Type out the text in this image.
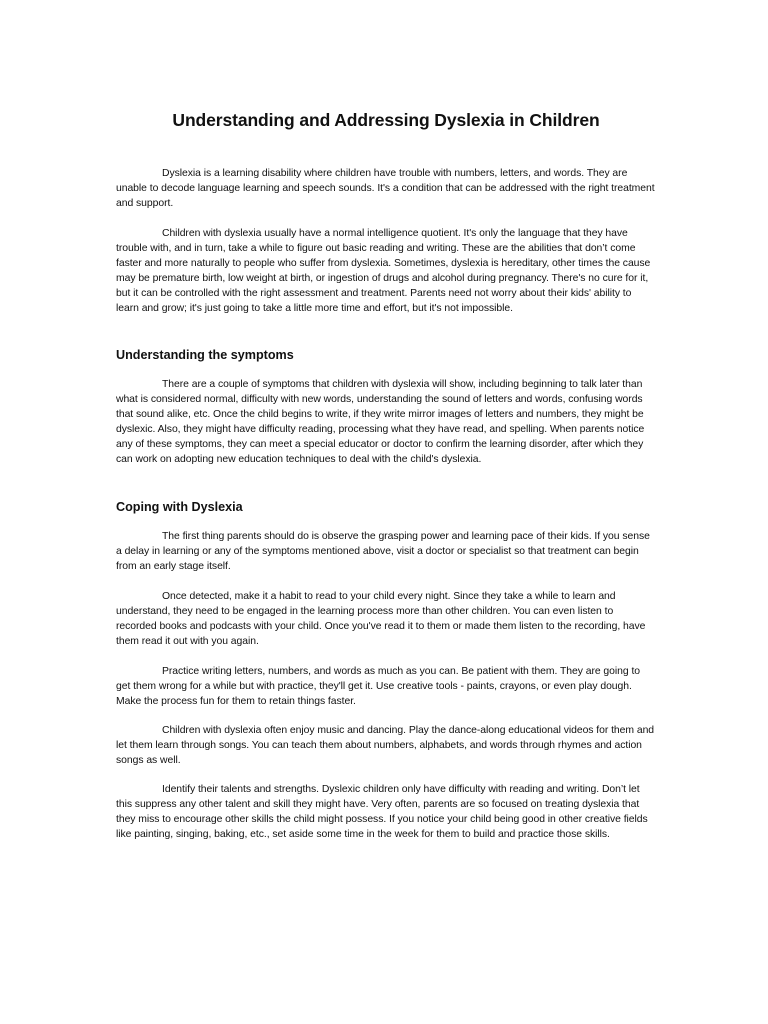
Understanding and Addressing Dyslexia in Children

Dyslexia is a learning disability where children have trouble with numbers, letters, and words. They are unable to decode language learning and speech sounds. It's a condition that can be addressed with the right treatment and support.

Children with dyslexia usually have a normal intelligence quotient. It's only the language that they have trouble with, and in turn, take a while to figure out basic reading and writing. These are the abilities that don’t come faster and more naturally to people who suffer from dyslexia. Sometimes, dyslexia is hereditary, other times the cause may be premature birth, low weight at birth, or ingestion of drugs and alcohol during pregnancy. There's no cure for it, but it can be controlled with the right assessment and treatment. Parents need not worry about their kids' ability to learn and grow; it's just going to take a little more time and effort, but it's not impossible.

Understanding the symptoms

There are a couple of symptoms that children with dyslexia will show, including beginning to talk later than what is considered normal, difficulty with new words, understanding the sound of letters and words, confusing words that sound alike, etc. Once the child begins to write, if they write mirror images of letters and numbers, they might be dyslexic. Also, they might have difficulty reading, processing what they have read, and spelling. When parents notice any of these symptoms, they can meet a special educator or doctor to confirm the learning disorder, after which they can work on adopting new education techniques to deal with the child's dyslexia.

Coping with Dyslexia

The first thing parents should do is observe the grasping power and learning pace of their kids. If you sense a delay in learning or any of the symptoms mentioned above, visit a doctor or specialist so that treatment can begin from an early stage itself.

Once detected, make it a habit to read to your child every night. Since they take a while to learn and understand, they need to be engaged in the learning process more than other children. You can even listen to recorded books and podcasts with your child. Once you've read it to them or made them listen to the recording, have them read it out with you again.

Practice writing letters, numbers, and words as much as you can. Be patient with them. They are going to get them wrong for a while but with practice, they'll get it. Use creative tools - paints, crayons, or even play dough. Make the process fun for them to retain things faster.

Children with dyslexia often enjoy music and dancing. Play the dance-along educational videos for them and let them learn through songs. You can teach them about numbers, alphabets, and words through rhymes and action songs as well.

Identify their talents and strengths. Dyslexic children only have difficulty with reading and writing. Don’t let this suppress any other talent and skill they might have. Very often, parents are so focused on treating dyslexia that they miss to encourage other skills the child might possess. If you notice your child being good in other creative fields like painting, singing, baking, etc., set aside some time in the week for them to build and practice those skills.
